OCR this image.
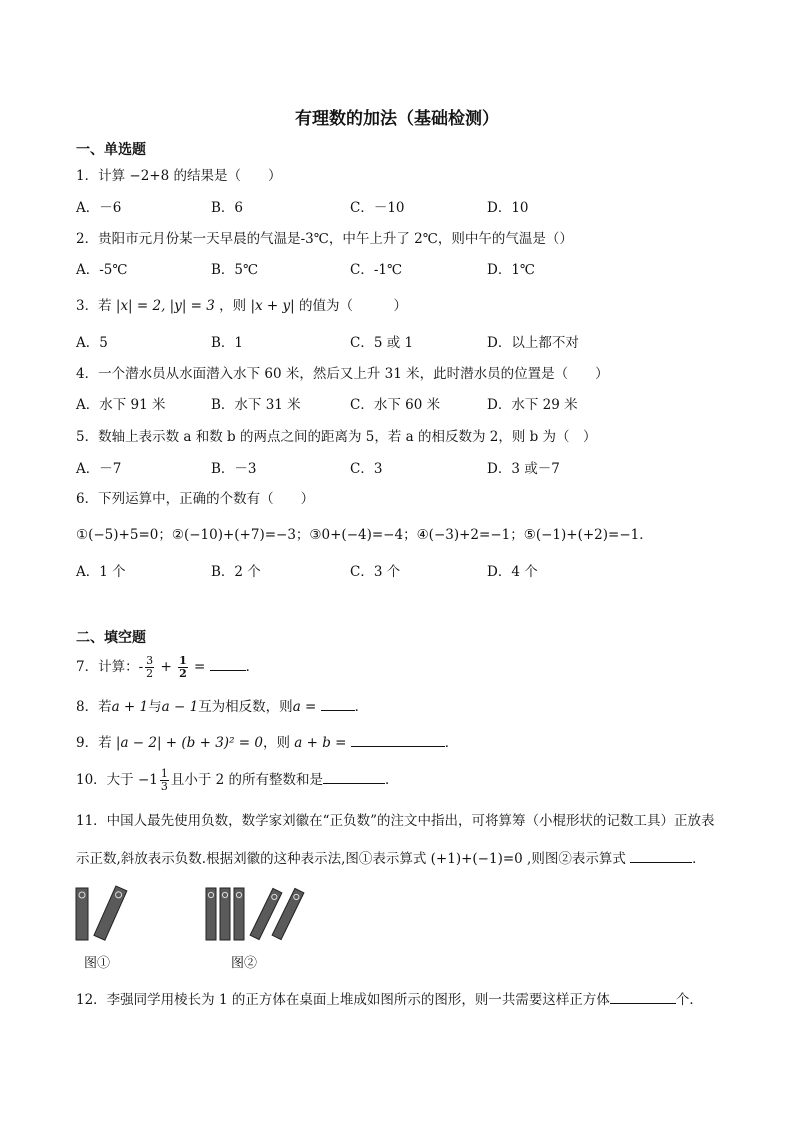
有理数的加法（基础检测）
一、单选题
1．计算 −2+8 的结果是（　　）
A．－6	B．6	C．－10	D．10
2．贵阳市元月份某一天早晨的气温是-3℃，中午上升了 2℃，则中午的气温是（）
A．-5℃	B．5℃	C．-1℃	D．1℃
3．若 |x| = 2, |y| = 3 ，则 |x + y| 的值为（　　　）
A．5	B．1	C．5 或 1	D．以上都不对
4．一个潜水员从水面潜入水下 60 米，然后又上升 31 米，此时潜水员的位置是（　　）
A．水下 91 米	B．水下 31 米	C．水下 60 米	D．水下 29 米
5．数轴上表示数 a 和数 b 的两点之间的距离为 5，若 a 的相反数为 2，则 b 为（　）
A．－7	B．－3	C．3	D．3 或－7
6．下列运算中，正确的个数有（　　）
①(−5)+5=0；②(−10)+(+7)=−3；③0+(−4)=−4；④(−3)+2=−1；⑤(−1)+(+2)=−1．
A．1 个	B．2 个	C．3 个	D．4 个
二、填空题
7．计算：- $\frac{3}{2} + \frac{1}{2}$ =	．
8．若a + 1与a − 1互为相反数，则a =	．
9．若 |a − 2| + (b + 3)² = 0，则 a + b =	．
10．大于 $-1 \frac{1}{3}$ 且小于 2 的所有整数和是	．
11．中国人最先使用负数，数学家刘徽在“正负数”的注文中指出，可将算筹（小棍形状的记数工具）正放表
示正数,斜放表示负数.根据刘徽的这种表示法,图①表示算式 (+1)+(−1)=0 ,则图②表示算式	．
图①	图②
12．李强同学用棱长为 1 的正方体在桌面上堆成如图所示的图形，则一共需要这样正方体	个．
